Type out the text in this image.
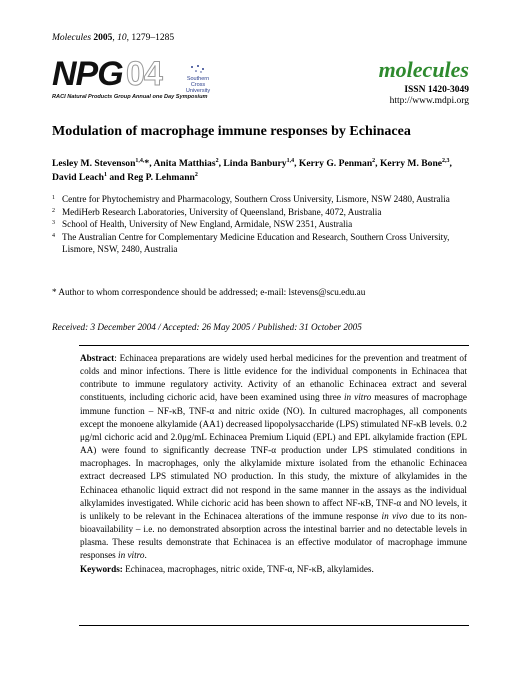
Molecules 2005, 10, 1279–1285
NPG 04	Southern Cross
University
RACI Natural Products Group Annual one Day Symposium
molecules
ISSN 1420-3049
http://www.mdpi.org
Modulation of macrophage immune responses by Echinacea
Lesley M. Stevenson$^{1,4,}$*, Anita Matthias$^2$, Linda Banbury$^{1,4}$, Kerry G. Penman$^2$, Kerry M. Bone$^{2,3}$, David Leach$^1$ and Reg P. Lehmann$^2$
1 Centre for Phytochemistry and Pharmacology, Southern Cross University, Lismore, NSW 2480, Australia
2 MediHerb Research Laboratories, University of Queensland, Brisbane, 4072, Australia
3 School of Health, University of New England, Armidale, NSW 2351, Australia
4 The Australian Centre for Complementary Medicine Education and Research, Southern Cross University, Lismore, NSW, 2480, Australia
* Author to whom correspondence should be addressed; e-mail: lstevens@scu.edu.au
Received: 3 December 2004 / Accepted: 26 May 2005 / Published: 31 October 2005
Abstract: Echinacea preparations are widely used herbal medicines for the prevention and treatment of colds and minor infections. There is little evidence for the individual components in Echinacea that contribute to immune regulatory activity. Activity of an ethanolic Echinacea extract and several constituents, including cichoric acid, have been examined using three in vitro measures of macrophage immune function – NF-κB, TNF-α and nitric oxide (NO). In cultured macrophages, all components except the monoene alkylamide (AA1) decreased lipopolysaccharide (LPS) stimulated NF-κB levels. 0.2 μg/ml cichoric acid and 2.0μg/mL Echinacea Premium Liquid (EPL) and EPL alkylamide fraction (EPL AA) were found to significantly decrease TNF-α production under LPS stimulated conditions in macrophages. In macrophages, only the alkylamide mixture isolated from the ethanolic Echinacea extract decreased LPS stimulated NO production. In this study, the mixture of alkylamides in the Echinacea ethanolic liquid extract did not respond in the same manner in the assays as the individual alkylamides investigated. While cichoric acid has been shown to affect NF-κB, TNF-α and NO levels, it is unlikely to be relevant in the Echinacea alterations of the immune response in vivo due to its non-bioavailability – i.e. no demonstrated absorption across the intestinal barrier and no detectable levels in plasma. These results demonstrate that Echinacea is an effective modulator of macrophage immune responses in vitro.
Keywords: Echinacea, macrophages, nitric oxide, TNF-α, NF-κB, alkylamides.
